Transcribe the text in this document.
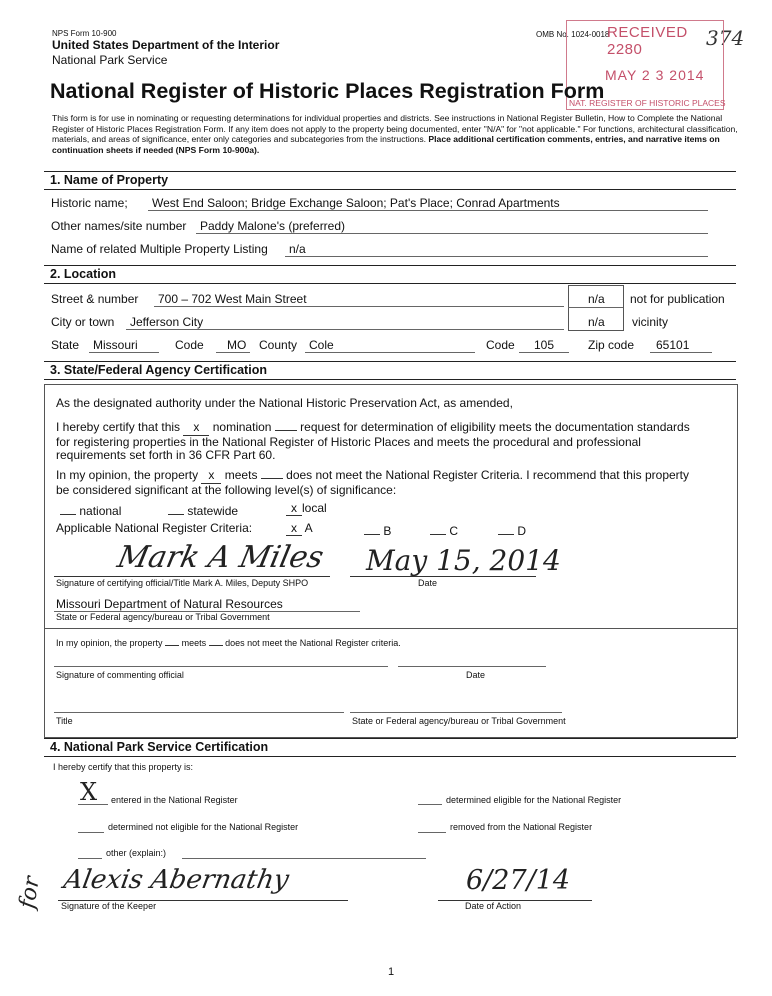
NPS Form 10-900
United States Department of the Interior
National Park Service
OMB No. 1024-0018	374
RECEIVED 2280
MAY 2 3 2014
NAT. REGISTER OF HISTORIC PLACES
National Register of Historic Places Registration Form
This form is for use in nominating or requesting determinations for individual properties and districts. See instructions in National Register Bulletin, How to Complete the National Register of Historic Places Registration Form. If any item does not apply to the property being documented, enter "N/A" for "not applicable." For functions, architectural classification, materials, and areas of significance, enter only categories and subcategories from the instructions. Place additional certification comments, entries, and narrative items on continuation sheets if needed (NPS Form 10-900a).
1. Name of Property
Historic name; West End Saloon; Bridge Exchange Saloon; Pat's Place; Conrad Apartments
Other names/site number Paddy Malone's (preferred)
Name of related Multiple Property Listing n/a
2. Location
Street & number 700 – 702 West Main Street	n/a not for publication
City or town Jefferson City	n/a vicinity
State Missouri	Code MO County Cole	Code 105	Zip code 65101
3. State/Federal Agency Certification
As the designated authority under the National Historic Preservation Act, as amended,
I hereby certify that this x nomination request for determination of eligibility meets the documentation standards
for registering properties in the National Register of Historic Places and meets the procedural and professional
requirements set forth in 36 CFR Part 60.
In my opinion, the property x meets does not meet the National Register Criteria. I recommend that this property
be considered significant at the following level(s) of significance:
national	statewide	x local
Applicable National Register Criteria:	x A	B	C	D
Mark A Miles May 15, 2014
Signature of certifying official/Title Mark A. Miles, Deputy SHPO	Date
Missouri Department of Natural Resources
State or Federal agency/bureau or Tribal Government
In my opinion, the property meets does not meet the National Register criteria.
Signature of commenting official	Date
Title	State or Federal agency/bureau or Tribal Government
4. National Park Service Certification
I hereby certify that this property is:
X entered in the National Register	determined eligible for the National Register
determined not eligible for the National Register	removed from the National Register
other (explain:)
for Alexis Abernathy	6/27/14
Signature of the Keeper	Date of Action
1
